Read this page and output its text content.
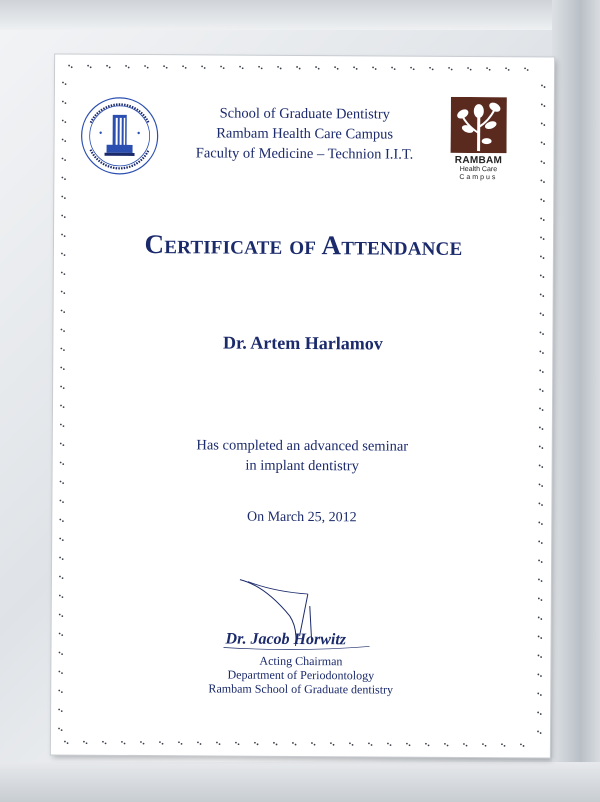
School of Graduate Dentistry
Rambam Health Care Campus
Faculty of Medicine – Technion I.I.T.	RAMBAM
Health Care
Campus
Certificate of Attendance
Dr. Artem Harlamov
Has completed an advanced seminar
in implant dentistry
On March 25, 2012
Dr. Jacob Horwitz
Acting Chairman
Department of Periodontology
Rambam School of Graduate dentistry
